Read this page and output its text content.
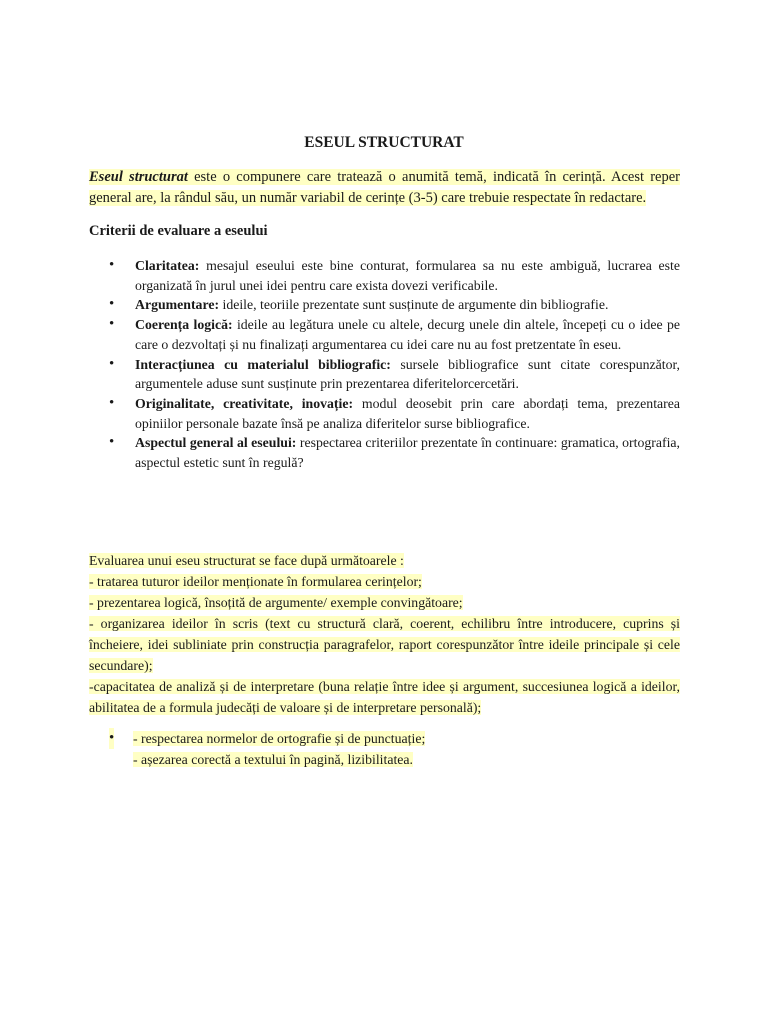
ESEUL STRUCTURAT
Eseul structurat este o compunere care tratează o anumită temă, indicată în cerință. Acest reper general are, la rândul său, un număr variabil de cerințe (3-5) care trebuie respectate în redactare.
Criterii de evaluare a eseului
• Claritatea: mesajul eseului este bine conturat, formularea sa nu este ambiguă, lucrarea este organizată în jurul unei idei pentru care exista dovezi verificabile.
• Argumentare: ideile, teoriile prezentate sunt susținute de argumente din bibliografie.
• Coerența logică: ideile au legătura unele cu altele, decurg unele din altele, începeți cu o idee pe care o dezvoltați și nu finalizați argumentarea cu idei care nu au fost pretzentate în eseu.
• Interacțiunea cu materialul bibliografic: sursele bibliografice sunt citate corespunzător, argumentele aduse sunt susținute prin prezentarea diferitelorcercetări.
• Originalitate, creativitate, inovație: modul deosebit prin care abordați tema, prezentarea opiniilor personale bazate însă pe analiza diferitelor surse bibliografice.
• Aspectul general al eseului: respectarea criteriilor prezentate în continuare: gramatica, ortografia, aspectul estetic sunt în regulă?

Evaluarea unui eseu structurat se face după următoarele :

- tratarea tuturor ideilor menționate în formularea cerințelor;

- prezentarea logică, însoțită de argumente/ exemple convingătoare;

- organizarea ideilor în scris (text cu structură clară, coerent, echilibru între introducere, cuprins și încheiere, idei subliniate prin construcția paragrafelor, raport corespunzător între ideile principale și cele secundare);

-capacitatea de analiză și de interpretare (buna relație între idee și argument, succesiunea logică a ideilor, abilitatea de a formula judecăți de valoare și de interpretare personală);

• - respectarea normelor de ortografie și de punctuație;
- așezarea corectă a textului în pagină, lizibilitatea.
